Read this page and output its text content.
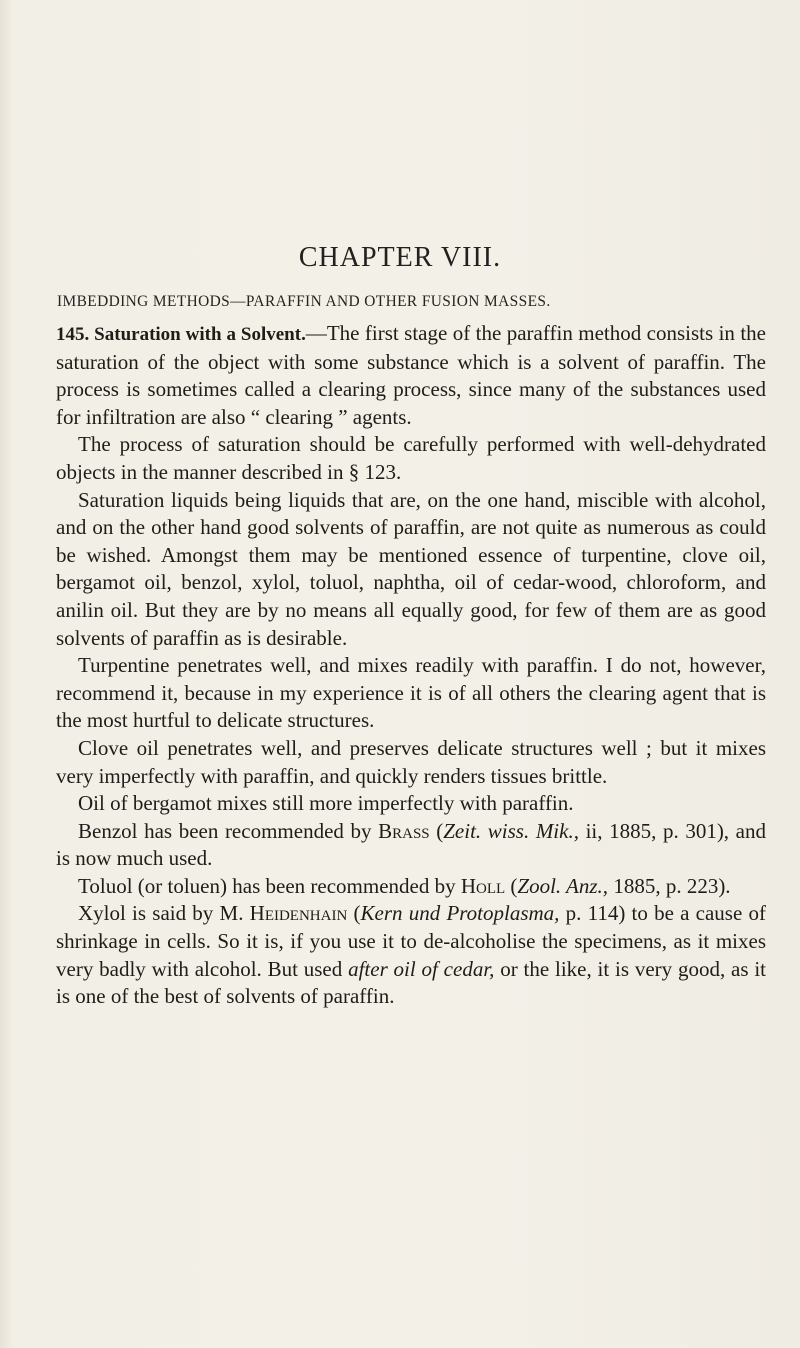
CHAPTER VIII.
IMBEDDING METHODS—PARAFFIN AND OTHER FUSION MASSES.

145. Saturation with a Solvent.—The first stage of the paraffin method consists in the saturation of the object with some substance which is a solvent of paraffin. The process is sometimes called a clearing process, since many of the substances used for infiltration are also “ clearing ” agents.

The process of saturation should be carefully performed with well-dehydrated objects in the manner described in § 123.

Saturation liquids being liquids that are, on the one hand, miscible with alcohol, and on the other hand good solvents of paraffin, are not quite as numerous as could be wished. Amongst them may be mentioned essence of turpentine, clove oil, bergamot oil, benzol, xylol, toluol, naphtha, oil of cedar-wood, chloroform, and anilin oil. But they are by no means all equally good, for few of them are as good solvents of paraffin as is desirable.

Turpentine penetrates well, and mixes readily with paraffin. I do not, however, recommend it, because in my experience it is of all others the clearing agent that is the most hurtful to delicate structures.

Clove oil penetrates well, and preserves delicate structures well ; but it mixes very imperfectly with paraffin, and quickly renders tissues brittle.

Oil of bergamot mixes still more imperfectly with paraffin.

Benzol has been recommended by Brass (Zeit. wiss. Mik., ii, 1885, p. 301), and is now much used.

Toluol (or toluen) has been recommended by Holl (Zool. Anz., 1885, p. 223).

Xylol is said by M. Heidenhain (Kern und Protoplasma, p. 114) to be a cause of shrinkage in cells. So it is, if you use it to de-alcoholise the specimens, as it mixes very badly with alcohol. But used after oil of cedar, or the like, it is very good, as it is one of the best of solvents of paraffin.
